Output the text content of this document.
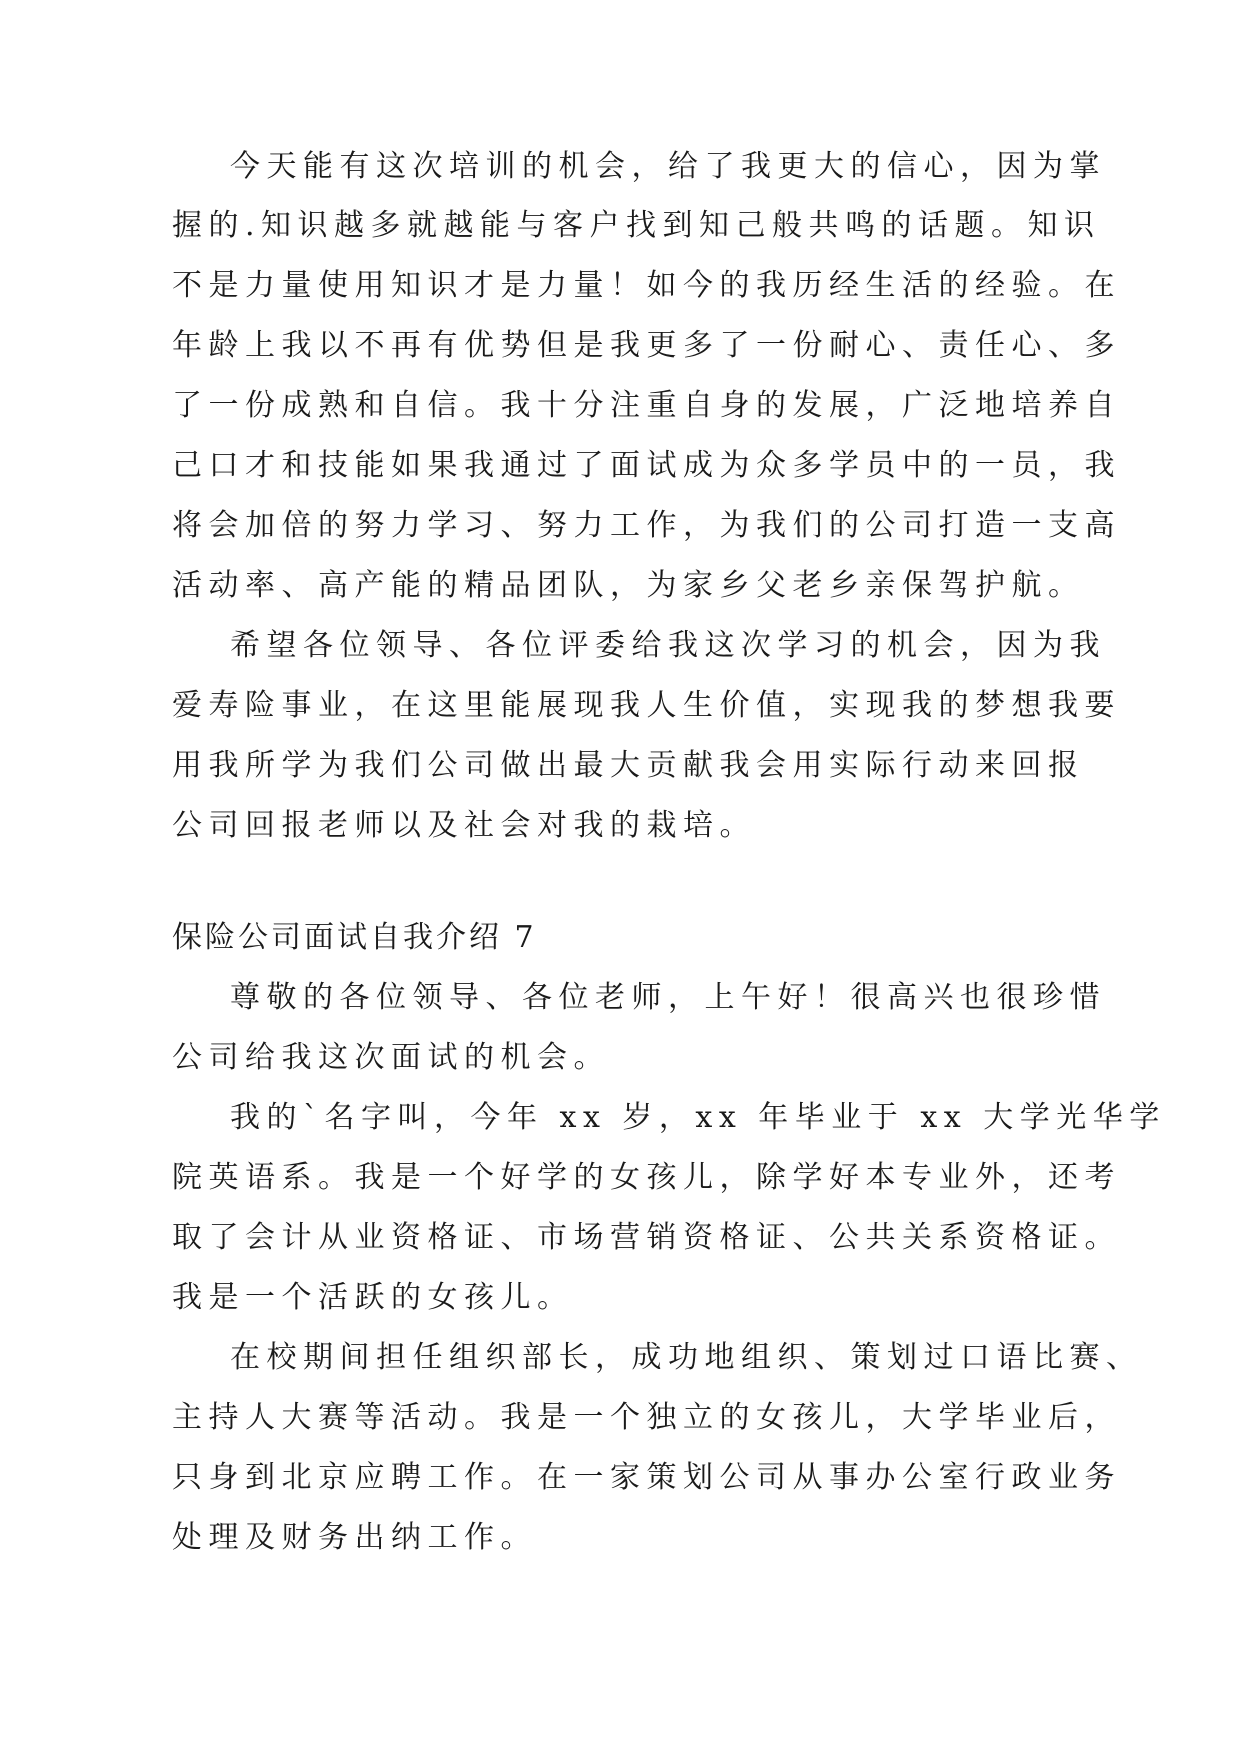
今天能有这次培训的机会，给了我更大的信心，因为掌

握的.知识越多就越能与客户找到知己般共鸣的话题。知识

不是力量使用知识才是力量！如今的我历经生活的经验。在

年龄上我以不再有优势但是我更多了一份耐心、责任心、多

了一份成熟和自信。我十分注重自身的发展，广泛地培养自

己口才和技能如果我通过了面试成为众多学员中的一员，我

将会加倍的努力学习、努力工作，为我们的公司打造一支高

活动率、高产能的精品团队，为家乡父老乡亲保驾护航。

希望各位领导、各位评委给我这次学习的机会，因为我

爱寿险事业，在这里能展现我人生价值，实现我的梦想我要

用我所学为我们公司做出最大贡献我会用实际行动来回报

公司回报老师以及社会对我的栽培。

保险公司面试自我介绍 7

尊敬的各位领导、各位老师，上午好！很高兴也很珍惜

公司给我这次面试的机会。

我的`名字叫，今年 xx 岁，xx 年毕业于 xx 大学光华学

院英语系。我是一个好学的女孩儿，除学好本专业外，还考

取了会计从业资格证、市场营销资格证、公共关系资格证。

我是一个活跃的女孩儿。

在校期间担任组织部长，成功地组织、策划过口语比赛、

主持人大赛等活动。我是一个独立的女孩儿，大学毕业后，

只身到北京应聘工作。在一家策划公司从事办公室行政业务

处理及财务出纳工作。
